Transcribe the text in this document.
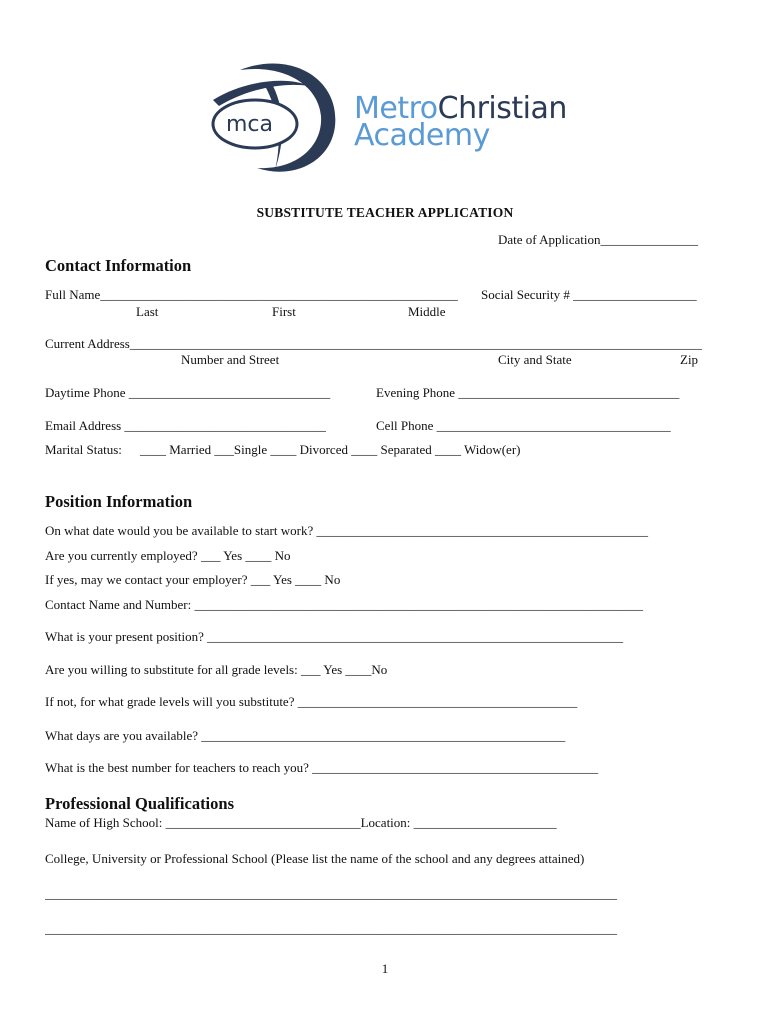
mca	MetroChristian
Academy
SUBSTITUTE TEACHER APPLICATION
Date of Application_______________
Contact Information
Full Name_______________________________________________________	Social Security # ___________________
Last	First	Middle
Current Address________________________________________________________________________________________
Number and Street	City and State	Zip
Daytime Phone _______________________________	Evening Phone __________________________________
Email Address _______________________________	Cell Phone ____________________________________
Marital Status: ____ Married ___Single ____ Divorced ____ Separated ____ Widow(er)
Position Information
On what date would you be available to start work? ___________________________________________________
Are you currently employed? ___ Yes ____ No
If yes, may we contact your employer? ___ Yes ____ No
Contact Name and Number: _____________________________________________________________________
What is your present position? ________________________________________________________________
Are you willing to substitute for all grade levels: ___ Yes ____No
If not, for what grade levels will you substitute? ___________________________________________
What days are you available? ________________________________________________________
What is the best number for teachers to reach you? ____________________________________________
Professional Qualifications
Name of High School: ______________________________Location: ______________________
College, University or Professional School (Please list the name of the school and any degrees attained)
________________________________________________________________________________________
________________________________________________________________________________________
1
